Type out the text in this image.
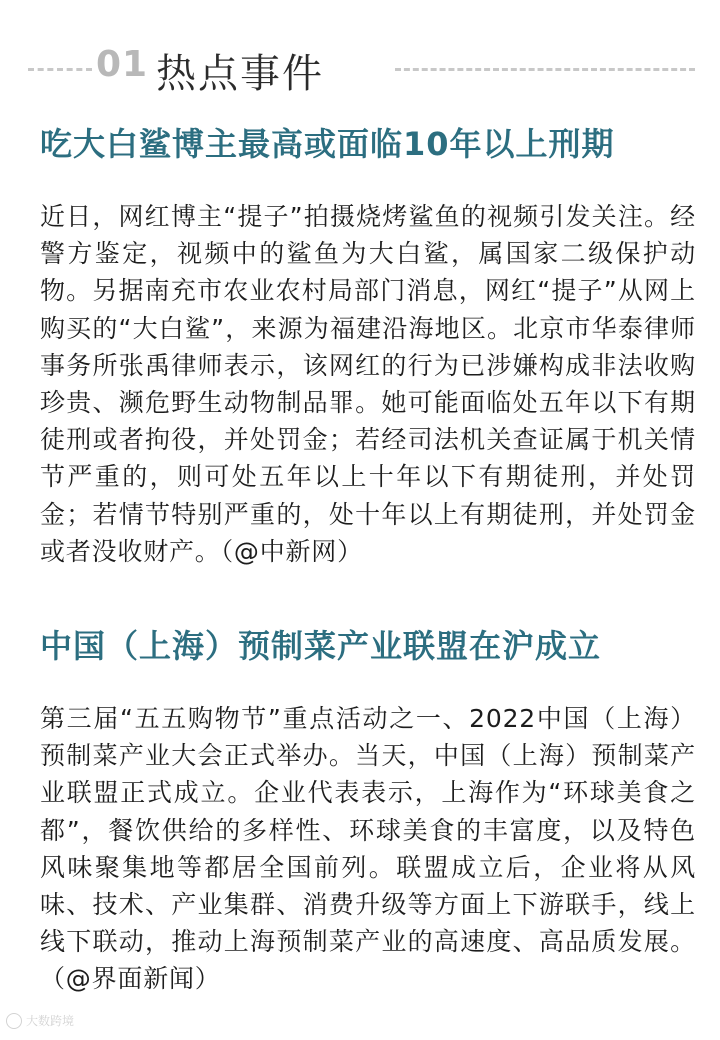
01 热点事件
吃大白鲨博主最高或面临10年以上刑期
近日，网红博主“提子”拍摄烧烤鲨鱼的视频引发关注。经警方鉴定，视频中的鲨鱼为大白鲨，属国家二级保护动物。另据南充市农业农村局部门消息，网红“提子”从网上购买的“大白鲨”，来源为福建沿海地区。北京市华泰律师事务所张禹律师表示，该网红的行为已涉嫌构成非法收购珍贵、濒危野生动物制品罪。她可能面临处五年以下有期徒刑或者拘役，并处罚金；若经司法机关查证属于机关情节严重的，则可处五年以上十年以下有期徒刑，并处罚金；若情节特别严重的，处十年以上有期徒刑，并处罚金或者没收财产。（@中新网）
中国（上海）预制菜产业联盟在沪成立
第三届“五五购物节”重点活动之一、2022中国（上海）预制菜产业大会正式举办。当天，中国（上海）预制菜产业联盟正式成立。企业代表表示，上海作为“环球美食之都”，餐饮供给的多样性、环球美食的丰富度，以及特色风味聚集地等都居全国前列。联盟成立后，企业将从风味、技术、产业集群、消费升级等方面上下游联手，线上线下联动，推动上海预制菜产业的高速度、高品质发展。（@界面新闻）
大数跨境
